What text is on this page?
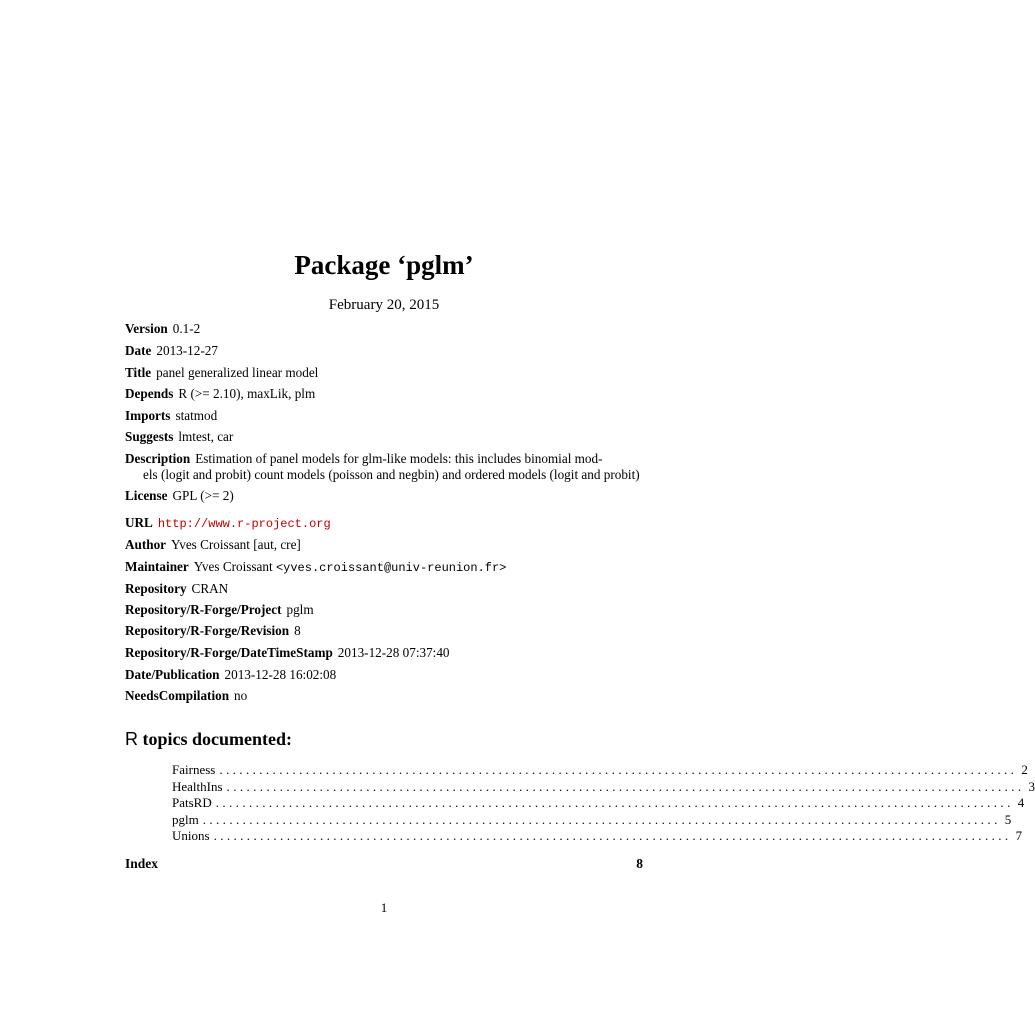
Package ‘pglm’
February 20, 2015
Version 0.1-2
Date 2013-12-27
Title panel generalized linear model
Depends R (>= 2.10), maxLik, plm
Imports statmod
Suggests lmtest, car
Description Estimation of panel models for glm-like models: this includes binomial mod-
els (logit and probit) count models (poisson and negbin) and ordered models (logit and probit)
License GPL (>= 2)
URL http://www.r-project.org
Author Yves Croissant [aut, cre]
Maintainer Yves Croissant <yves.croissant@univ-reunion.fr>
Repository CRAN
Repository/R-Forge/Project pglm
Repository/R-Forge/Revision 8
Repository/R-Forge/DateTimeStamp 2013-12-28 07:37:40
Date/Publication 2013-12-28 16:02:08
NeedsCompilation no
R topics documented:
Fairness ........................................................................................................................ 2
HealthIns ........................................................................................................................ 3
PatsRD ........................................................................................................................ 4
pglm ........................................................................................................................ 5
Unions ........................................................................................................................ 7
Index	8
1
